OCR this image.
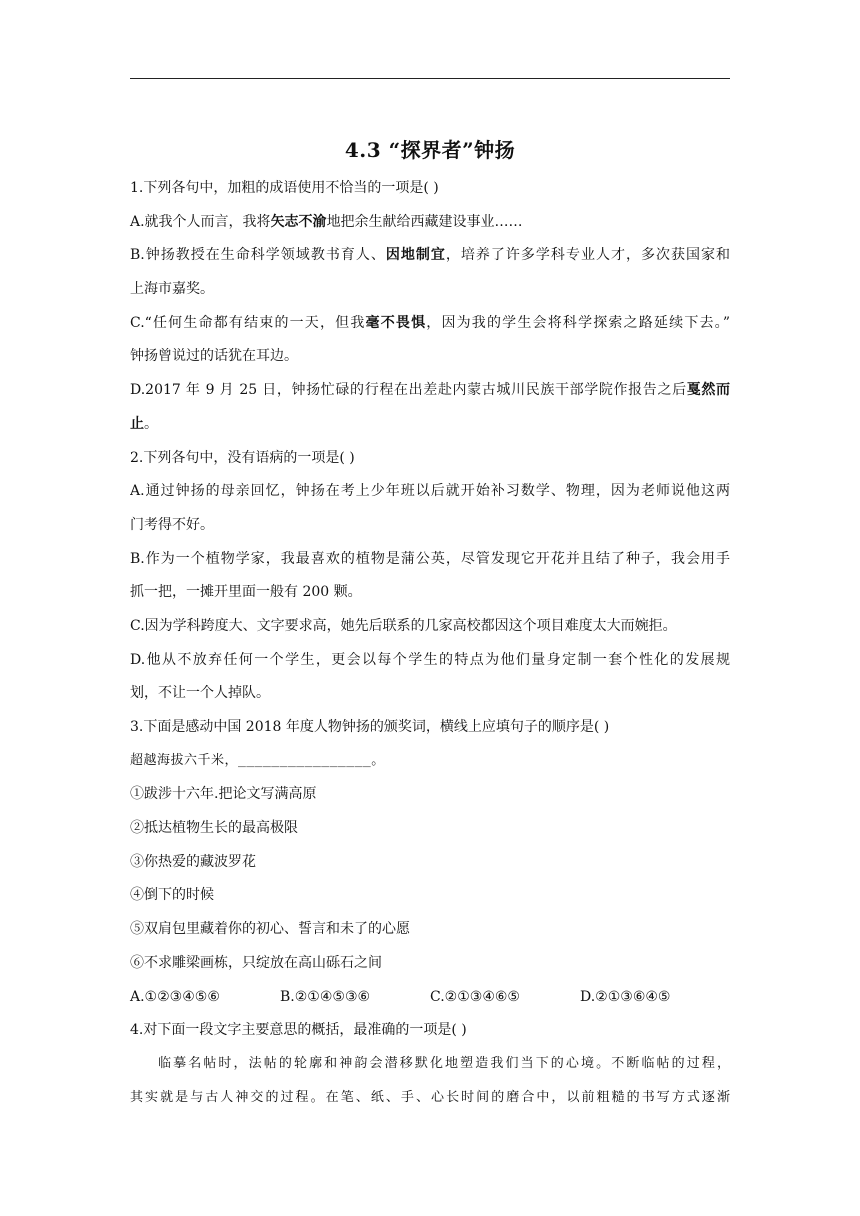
4.3 “探界者”钟扬
1.下列各句中，加粗的成语使用不恰当的一项是( )
A.就我个人而言，我将矢志不渝地把余生献给西藏建设事业……
B.钟扬教授在生命科学领域教书育人、因地制宜，培养了许多学科专业人才，多次获国家和
上海市嘉奖。
C.“任何生命都有结束的一天，但我毫不畏惧，因为我的学生会将科学探索之路延续下去。”
钟扬曾说过的话犹在耳边。
D.2017 年 9 月 25 日，钟扬忙碌的行程在出差赴内蒙古城川民族干部学院作报告之后戛然而
止。
2.下列各句中，没有语病的一项是( )
A.通过钟扬的母亲回忆，钟扬在考上少年班以后就开始补习数学、物理，因为老师说他这两
门考得不好。
B.作为一个植物学家，我最喜欢的植物是蒲公英，尽管发现它开花并且结了种子，我会用手
抓一把，一摊开里面一般有 200 颗。
C.因为学科跨度大、文字要求高，她先后联系的几家高校都因这个项目难度太大而婉拒。
D.他从不放弃任何一个学生，更会以每个学生的特点为他们量身定制一套个性化的发展规
划，不让一个人掉队。
3.下面是感动中国 2018 年度人物钟扬的颁奖词，横线上应填句子的顺序是( )
超越海拔六千米，________________。
①跋涉十六年.把论文写满高原
②抵达植物生长的最高极限
③你热爱的藏波罗花
④倒下的时候
⑤双肩包里藏着你的初心、誓言和未了的心愿
⑥不求雕梁画栋，只绽放在高山砾石之间
A.①②③④⑤⑥	B.②①④⑤③⑥	C.②①③④⑥⑤	D.②①③⑥④⑤
4.对下面一段文字主要意思的概括，最准确的一项是( )
临摹名帖时，法帖的轮廓和神韵会潜移默化地塑造我们当下的心境。不断临帖的过程，
其实就是与古人神交的过程。在笔、纸、手、心长时间的磨合中，以前粗糙的书写方式逐渐
